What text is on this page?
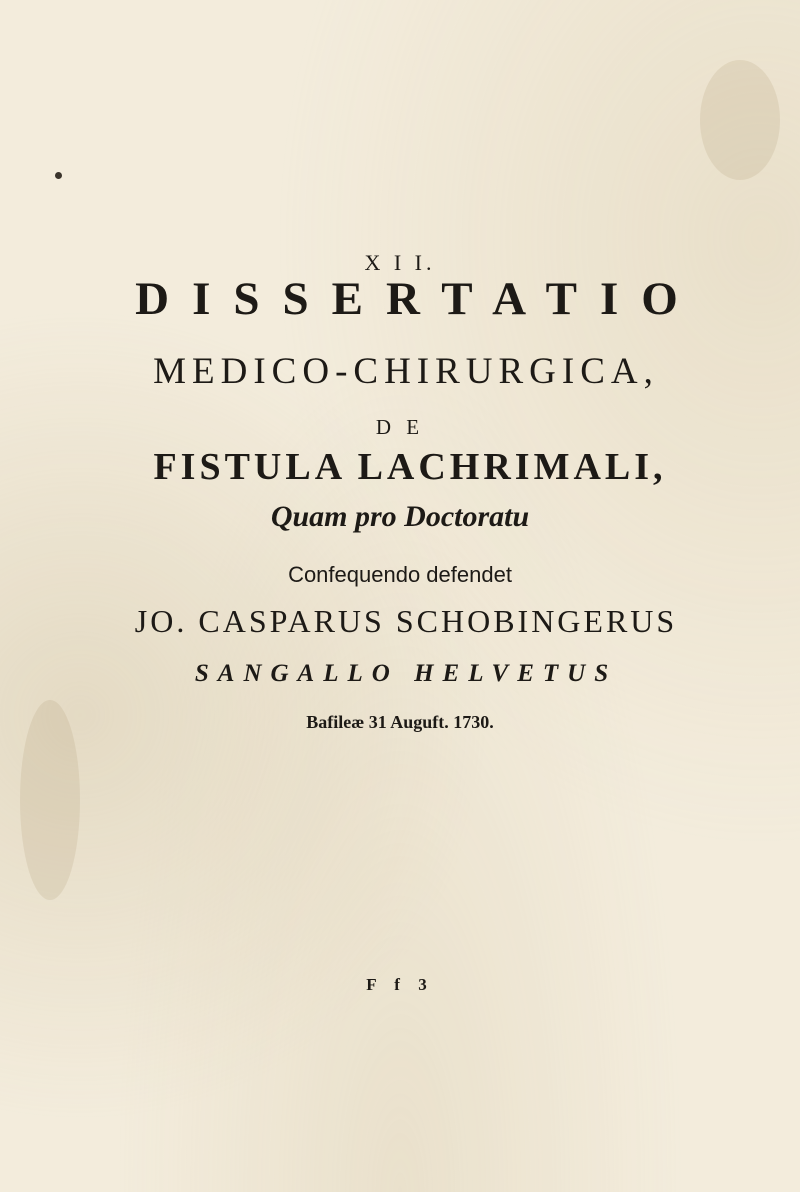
X I I.
DISSERTATIO
MEDICO-CHIRURGICA,
D E
FISTULA LACHRIMALI,
Quam pro Doctoratu
Confequendo defendet
JO. CASPARUS SCHOBINGERUS
SANGALLO HELVETUS
Bafileæ 31 Auguft. 1730.
F f 3
